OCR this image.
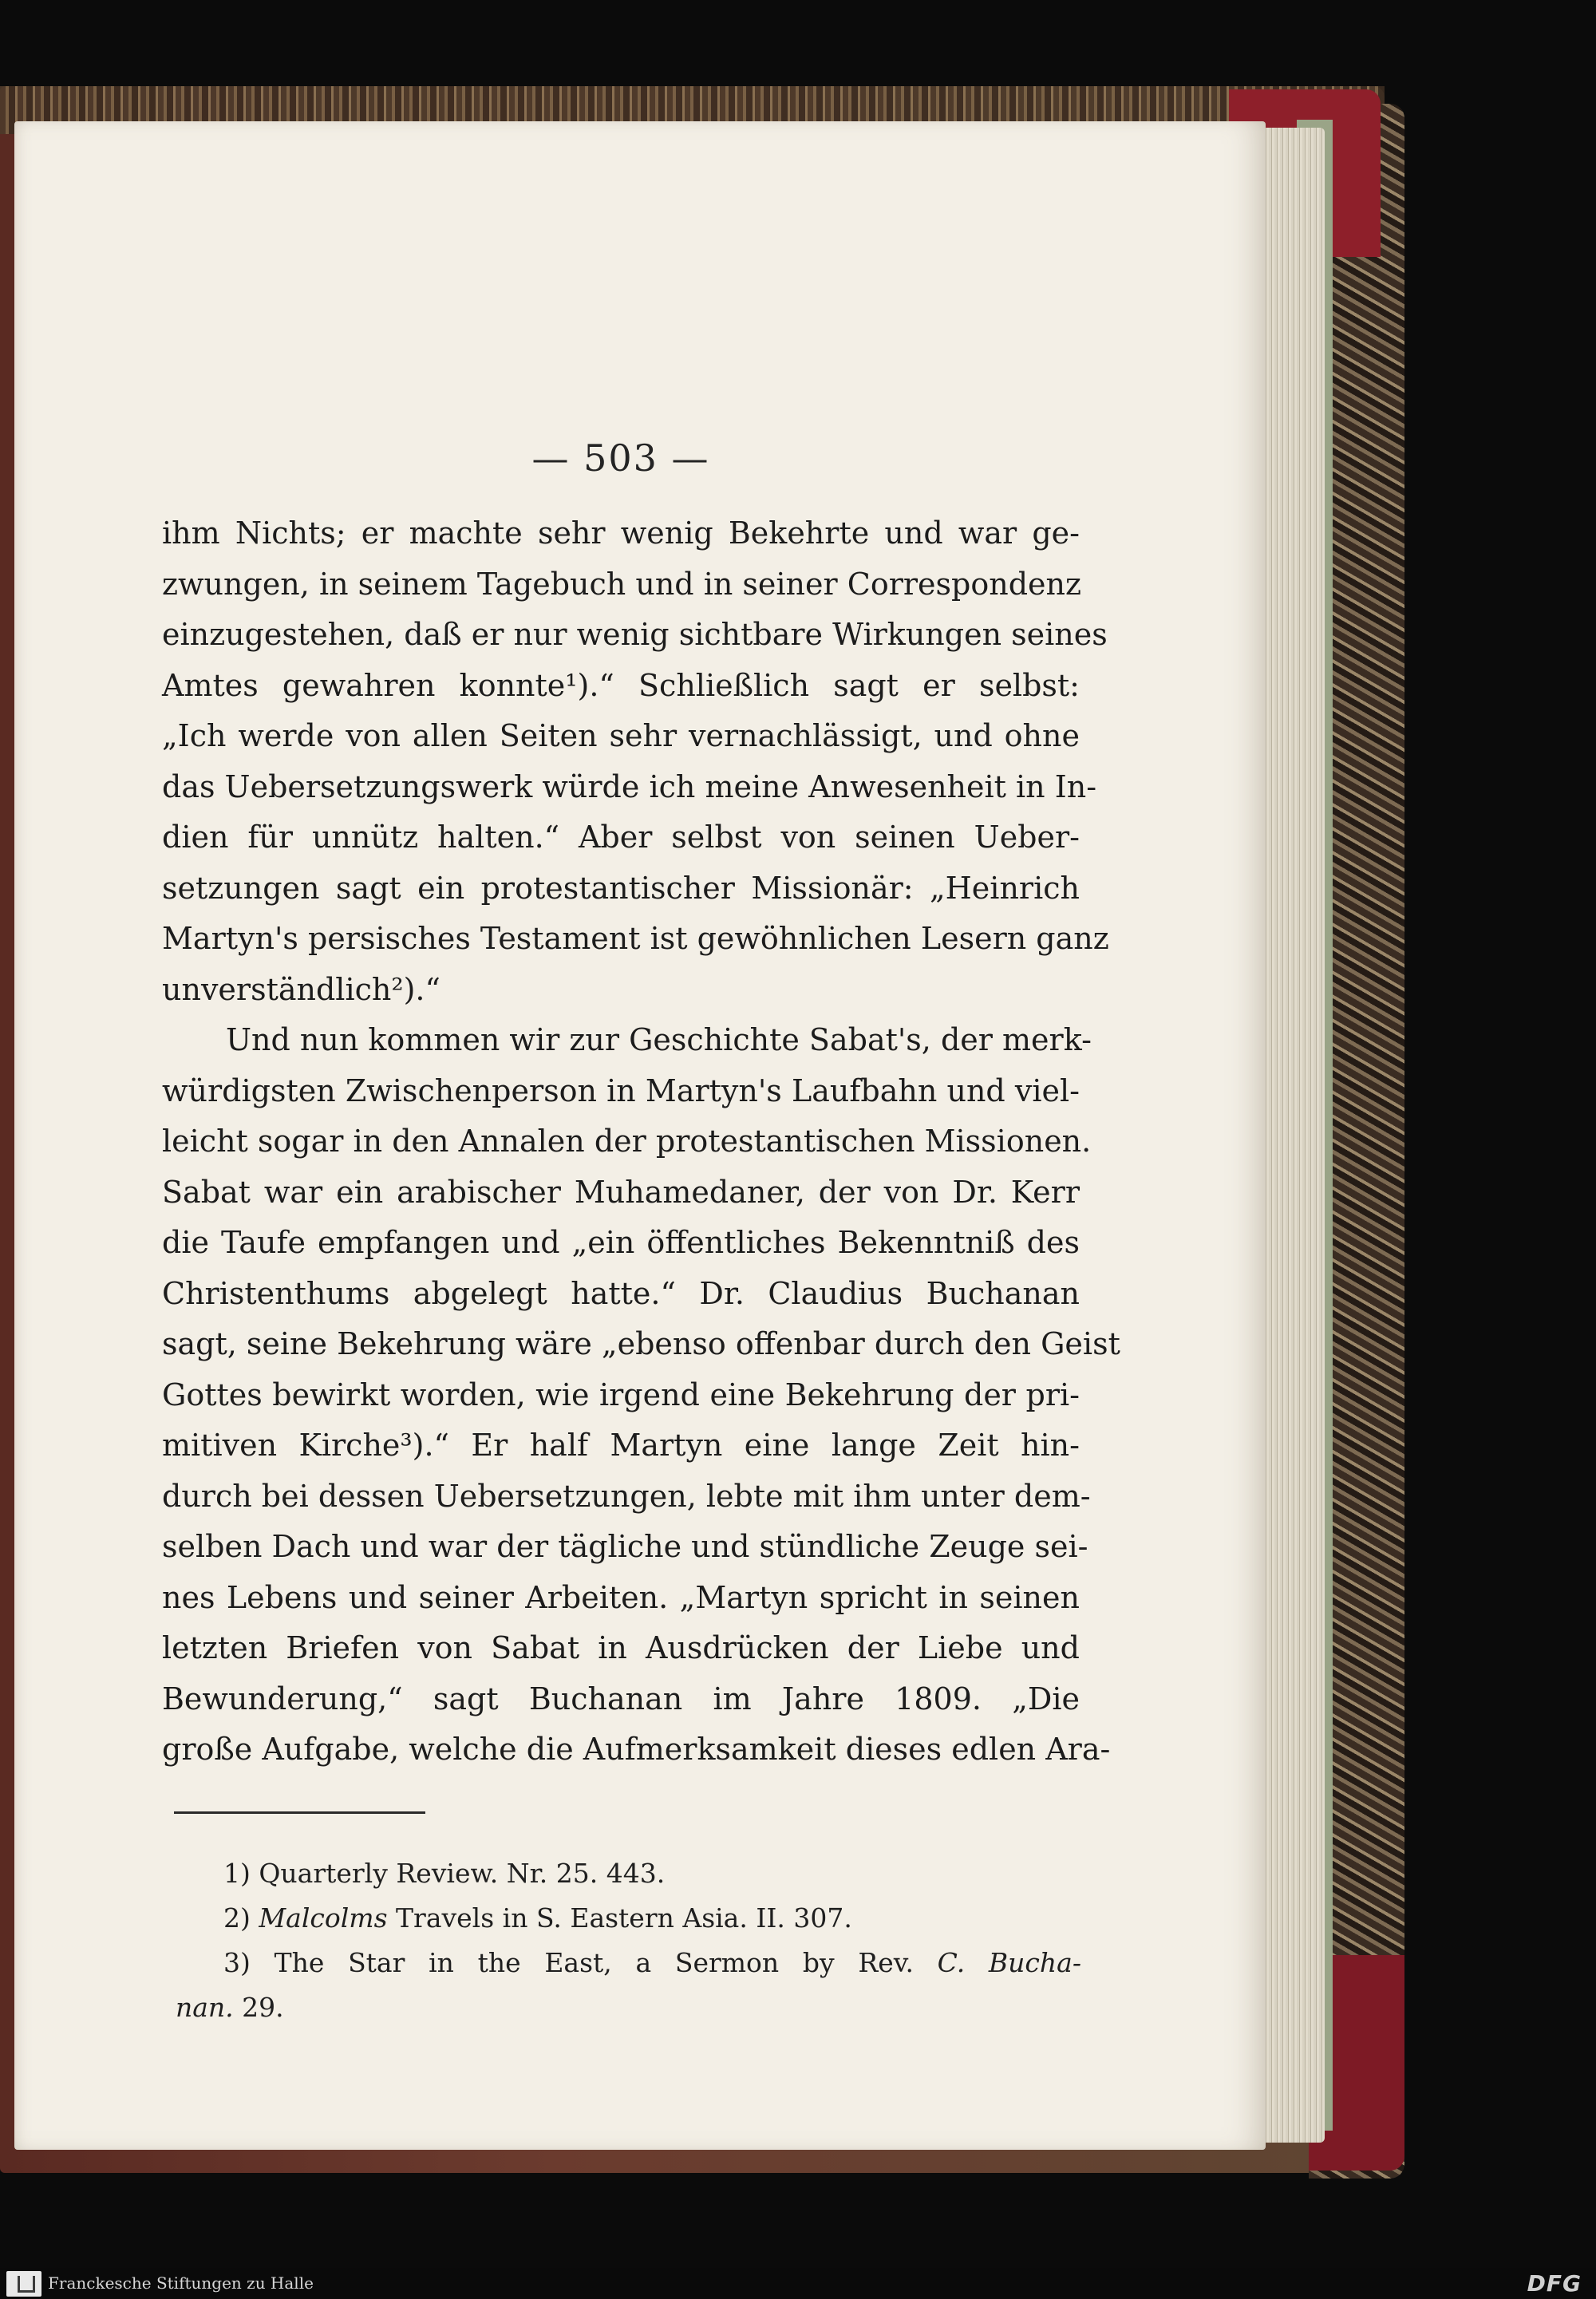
— 503 —
ihm Nichts; er machte sehr wenig Bekehrte und war ge-
zwungen, in seinem Tagebuch und in seiner Correspondenz
einzugestehen, daß er nur wenig sichtbare Wirkungen seines
Amtes gewahren konnte¹).“ Schließlich sagt er selbst:
„Ich werde von allen Seiten sehr vernachlässigt, und ohne
das Uebersetzungswerk würde ich meine Anwesenheit in In-
dien für unnütz halten.“ Aber selbst von seinen Ueber-
setzungen sagt ein protestantischer Missionär: „Heinrich
Martyn's persisches Testament ist gewöhnlichen Lesern ganz
unverständlich²).“
Und nun kommen wir zur Geschichte Sabat's, der merk-
würdigsten Zwischenperson in Martyn's Laufbahn und viel-
leicht sogar in den Annalen der protestantischen Missionen.
Sabat war ein arabischer Muhamedaner, der von Dr. Kerr
die Taufe empfangen und „ein öffentliches Bekenntniß des
Christenthums abgelegt hatte.“ Dr. Claudius Buchanan
sagt, seine Bekehrung wäre „ebenso offenbar durch den Geist
Gottes bewirkt worden, wie irgend eine Bekehrung der pri-
mitiven Kirche³).“ Er half Martyn eine lange Zeit hin-
durch bei dessen Uebersetzungen, lebte mit ihm unter dem-
selben Dach und war der tägliche und stündliche Zeuge sei-
nes Lebens und seiner Arbeiten. „Martyn spricht in seinen
letzten Briefen von Sabat in Ausdrücken der Liebe und
Bewunderung,“ sagt Buchanan im Jahre 1809. „Die
große Aufgabe, welche die Aufmerksamkeit dieses edlen Ara-
1) Quarterly Review. Nr. 25. 443.
2) Malcolms Travels in S. Eastern Asia. II. 307.
3) The Star in the East, a Sermon by Rev. C. Bucha-
nan. 29.
Franckesche Stiftungen zu Halle	DFG
